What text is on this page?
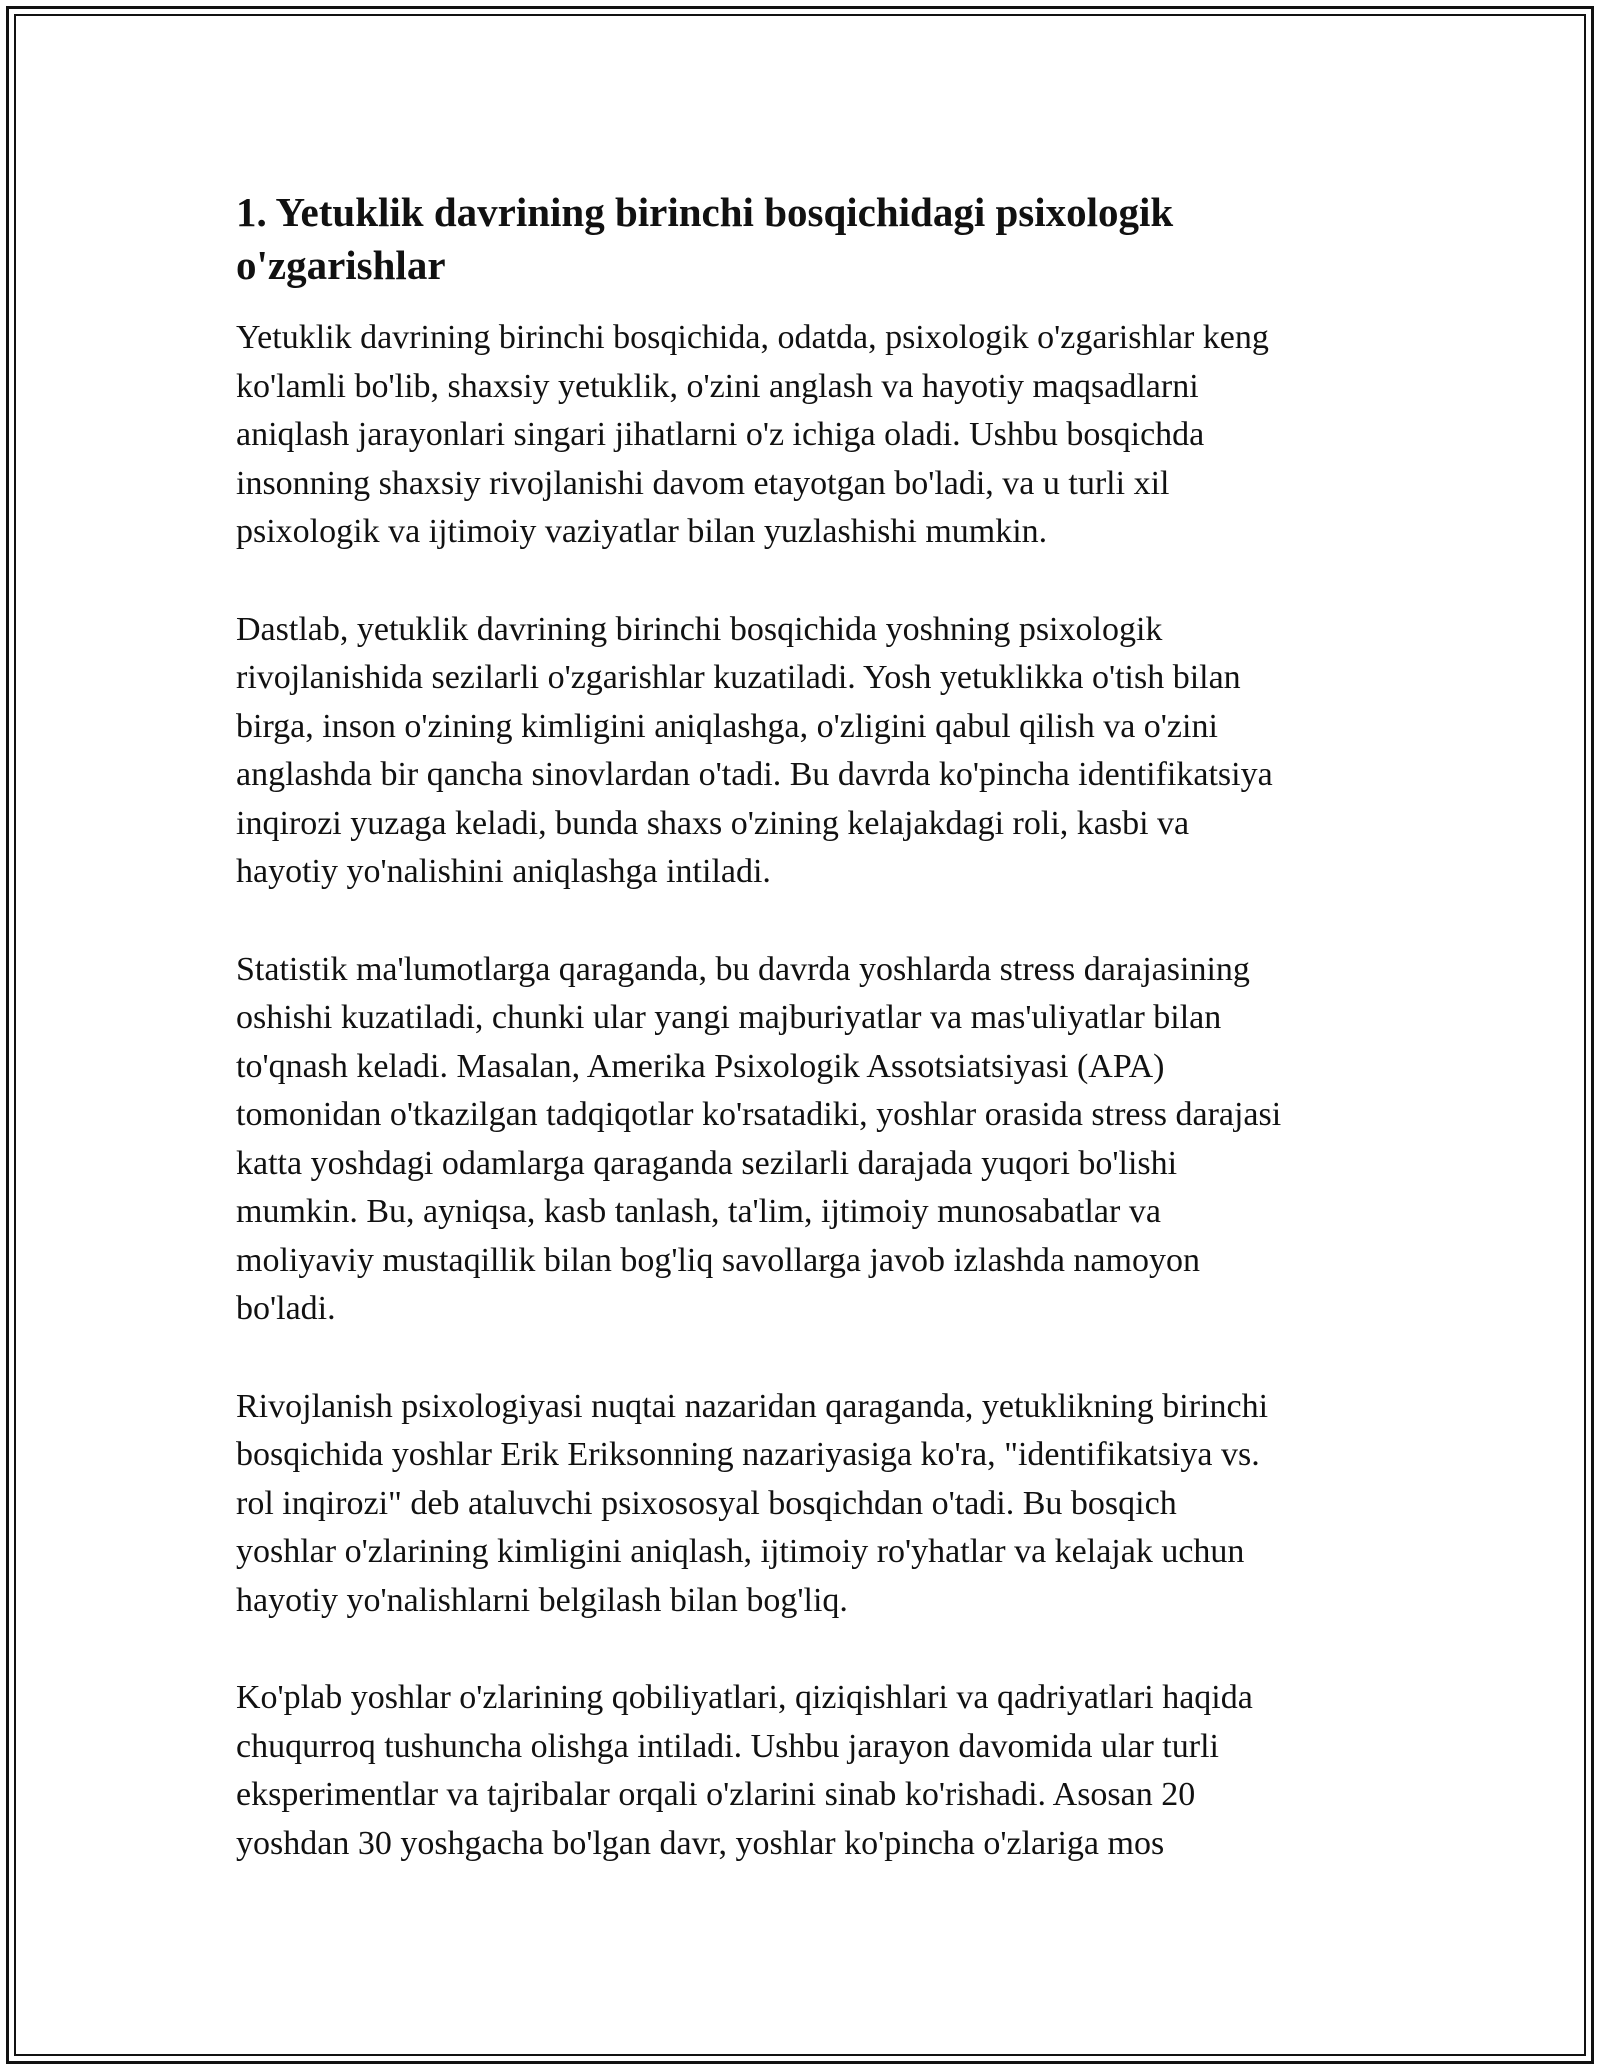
1. Yetuklik davrining birinchi bosqichidagi psixologik
o'zgarishlar

Yetuklik davrining birinchi bosqichida, odatda, psixologik o'zgarishlar keng
ko'lamli bo'lib, shaxsiy yetuklik, o'zini anglash va hayotiy maqsadlarni
aniqlash jarayonlari singari jihatlarni o'z ichiga oladi. Ushbu bosqichda
insonning shaxsiy rivojlanishi davom etayotgan bo'ladi, va u turli xil
psixologik va ijtimoiy vaziyatlar bilan yuzlashishi mumkin.

Dastlab, yetuklik davrining birinchi bosqichida yoshning psixologik
rivojlanishida sezilarli o'zgarishlar kuzatiladi. Yosh yetuklikka o'tish bilan
birga, inson o'zining kimligini aniqlashga, o'zligini qabul qilish va o'zini
anglashda bir qancha sinovlardan o'tadi. Bu davrda ko'pincha identifikatsiya
inqirozi yuzaga keladi, bunda shaxs o'zining kelajakdagi roli, kasbi va
hayotiy yo'nalishini aniqlashga intiladi.

Statistik ma'lumotlarga qaraganda, bu davrda yoshlarda stress darajasining
oshishi kuzatiladi, chunki ular yangi majburiyatlar va mas'uliyatlar bilan
to'qnash keladi. Masalan, Amerika Psixologik Assotsiatsiyasi (APA)
tomonidan o'tkazilgan tadqiqotlar ko'rsatadiki, yoshlar orasida stress darajasi
katta yoshdagi odamlarga qaraganda sezilarli darajada yuqori bo'lishi
mumkin. Bu, ayniqsa, kasb tanlash, ta'lim, ijtimoiy munosabatlar va
moliyaviy mustaqillik bilan bog'liq savollarga javob izlashda namoyon
bo'ladi.

Rivojlanish psixologiyasi nuqtai nazaridan qaraganda, yetuklikning birinchi
bosqichida yoshlar Erik Eriksonning nazariyasiga ko'ra, "identifikatsiya vs.
rol inqirozi" deb ataluvchi psixososyal bosqichdan o'tadi. Bu bosqich
yoshlar o'zlarining kimligini aniqlash, ijtimoiy ro'yhatlar va kelajak uchun
hayotiy yo'nalishlarni belgilash bilan bog'liq.

Ko'plab yoshlar o'zlarining qobiliyatlari, qiziqishlari va qadriyatlari haqida
chuqurroq tushuncha olishga intiladi. Ushbu jarayon davomida ular turli
eksperimentlar va tajribalar orqali o'zlarini sinab ko'rishadi. Asosan 20
yoshdan 30 yoshgacha bo'lgan davr, yoshlar ko'pincha o'zlariga mos
